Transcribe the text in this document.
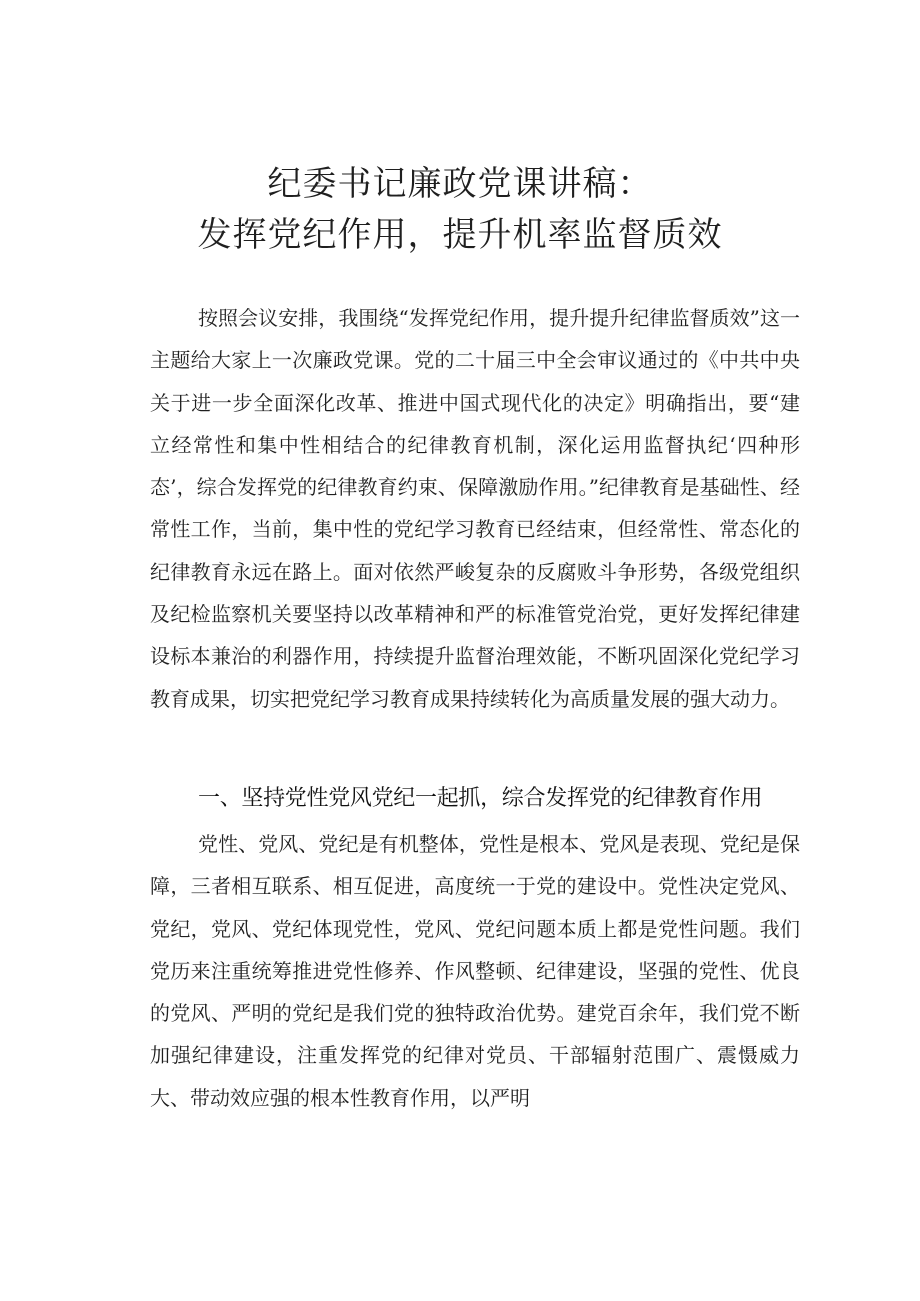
纪委书记廉政党课讲稿：
发挥党纪作用，提升机率监督质效
按照会议安排，我围绕“发挥党纪作用，提升提升纪律监督质效”这一主题给大家上一次廉政党课。党的二十届三中全会审议通过的《中共中央关于进一步全面深化改革、推进中国式现代化的决定》明确指出，要“建立经常性和集中性相结合的纪律教育机制，深化运用监督执纪‘四种形态’，综合发挥党的纪律教育约束、保障激励作用。”纪律教育是基础性、经常性工作，当前，集中性的党纪学习教育已经结束，但经常性、常态化的纪律教育永远在路上。面对依然严峻复杂的反腐败斗争形势，各级党组织及纪检监察机关要坚持以改革精神和严的标准管党治党，更好发挥纪律建设标本兼治的利器作用，持续提升监督治理效能，不断巩固深化党纪学习教育成果，切实把党纪学习教育成果持续转化为高质量发展的强大动力。
一、坚持党性党风党纪一起抓，综合发挥党的纪律教育作用
党性、党风、党纪是有机整体，党性是根本、党风是表现、党纪是保障，三者相互联系、相互促进，高度统一于党的建设中。党性决定党风、党纪，党风、党纪体现党性，党风、党纪问题本质上都是党性问题。我们党历来注重统筹推进党性修养、作风整顿、纪律建设，坚强的党性、优良的党风、严明的党纪是我们党的独特政治优势。建党百余年，我们党不断加强纪律建设，注重发挥党的纪律对党员、干部辐射范围广、震慑威力大、带动效应强的根本性教育作用，以严明
